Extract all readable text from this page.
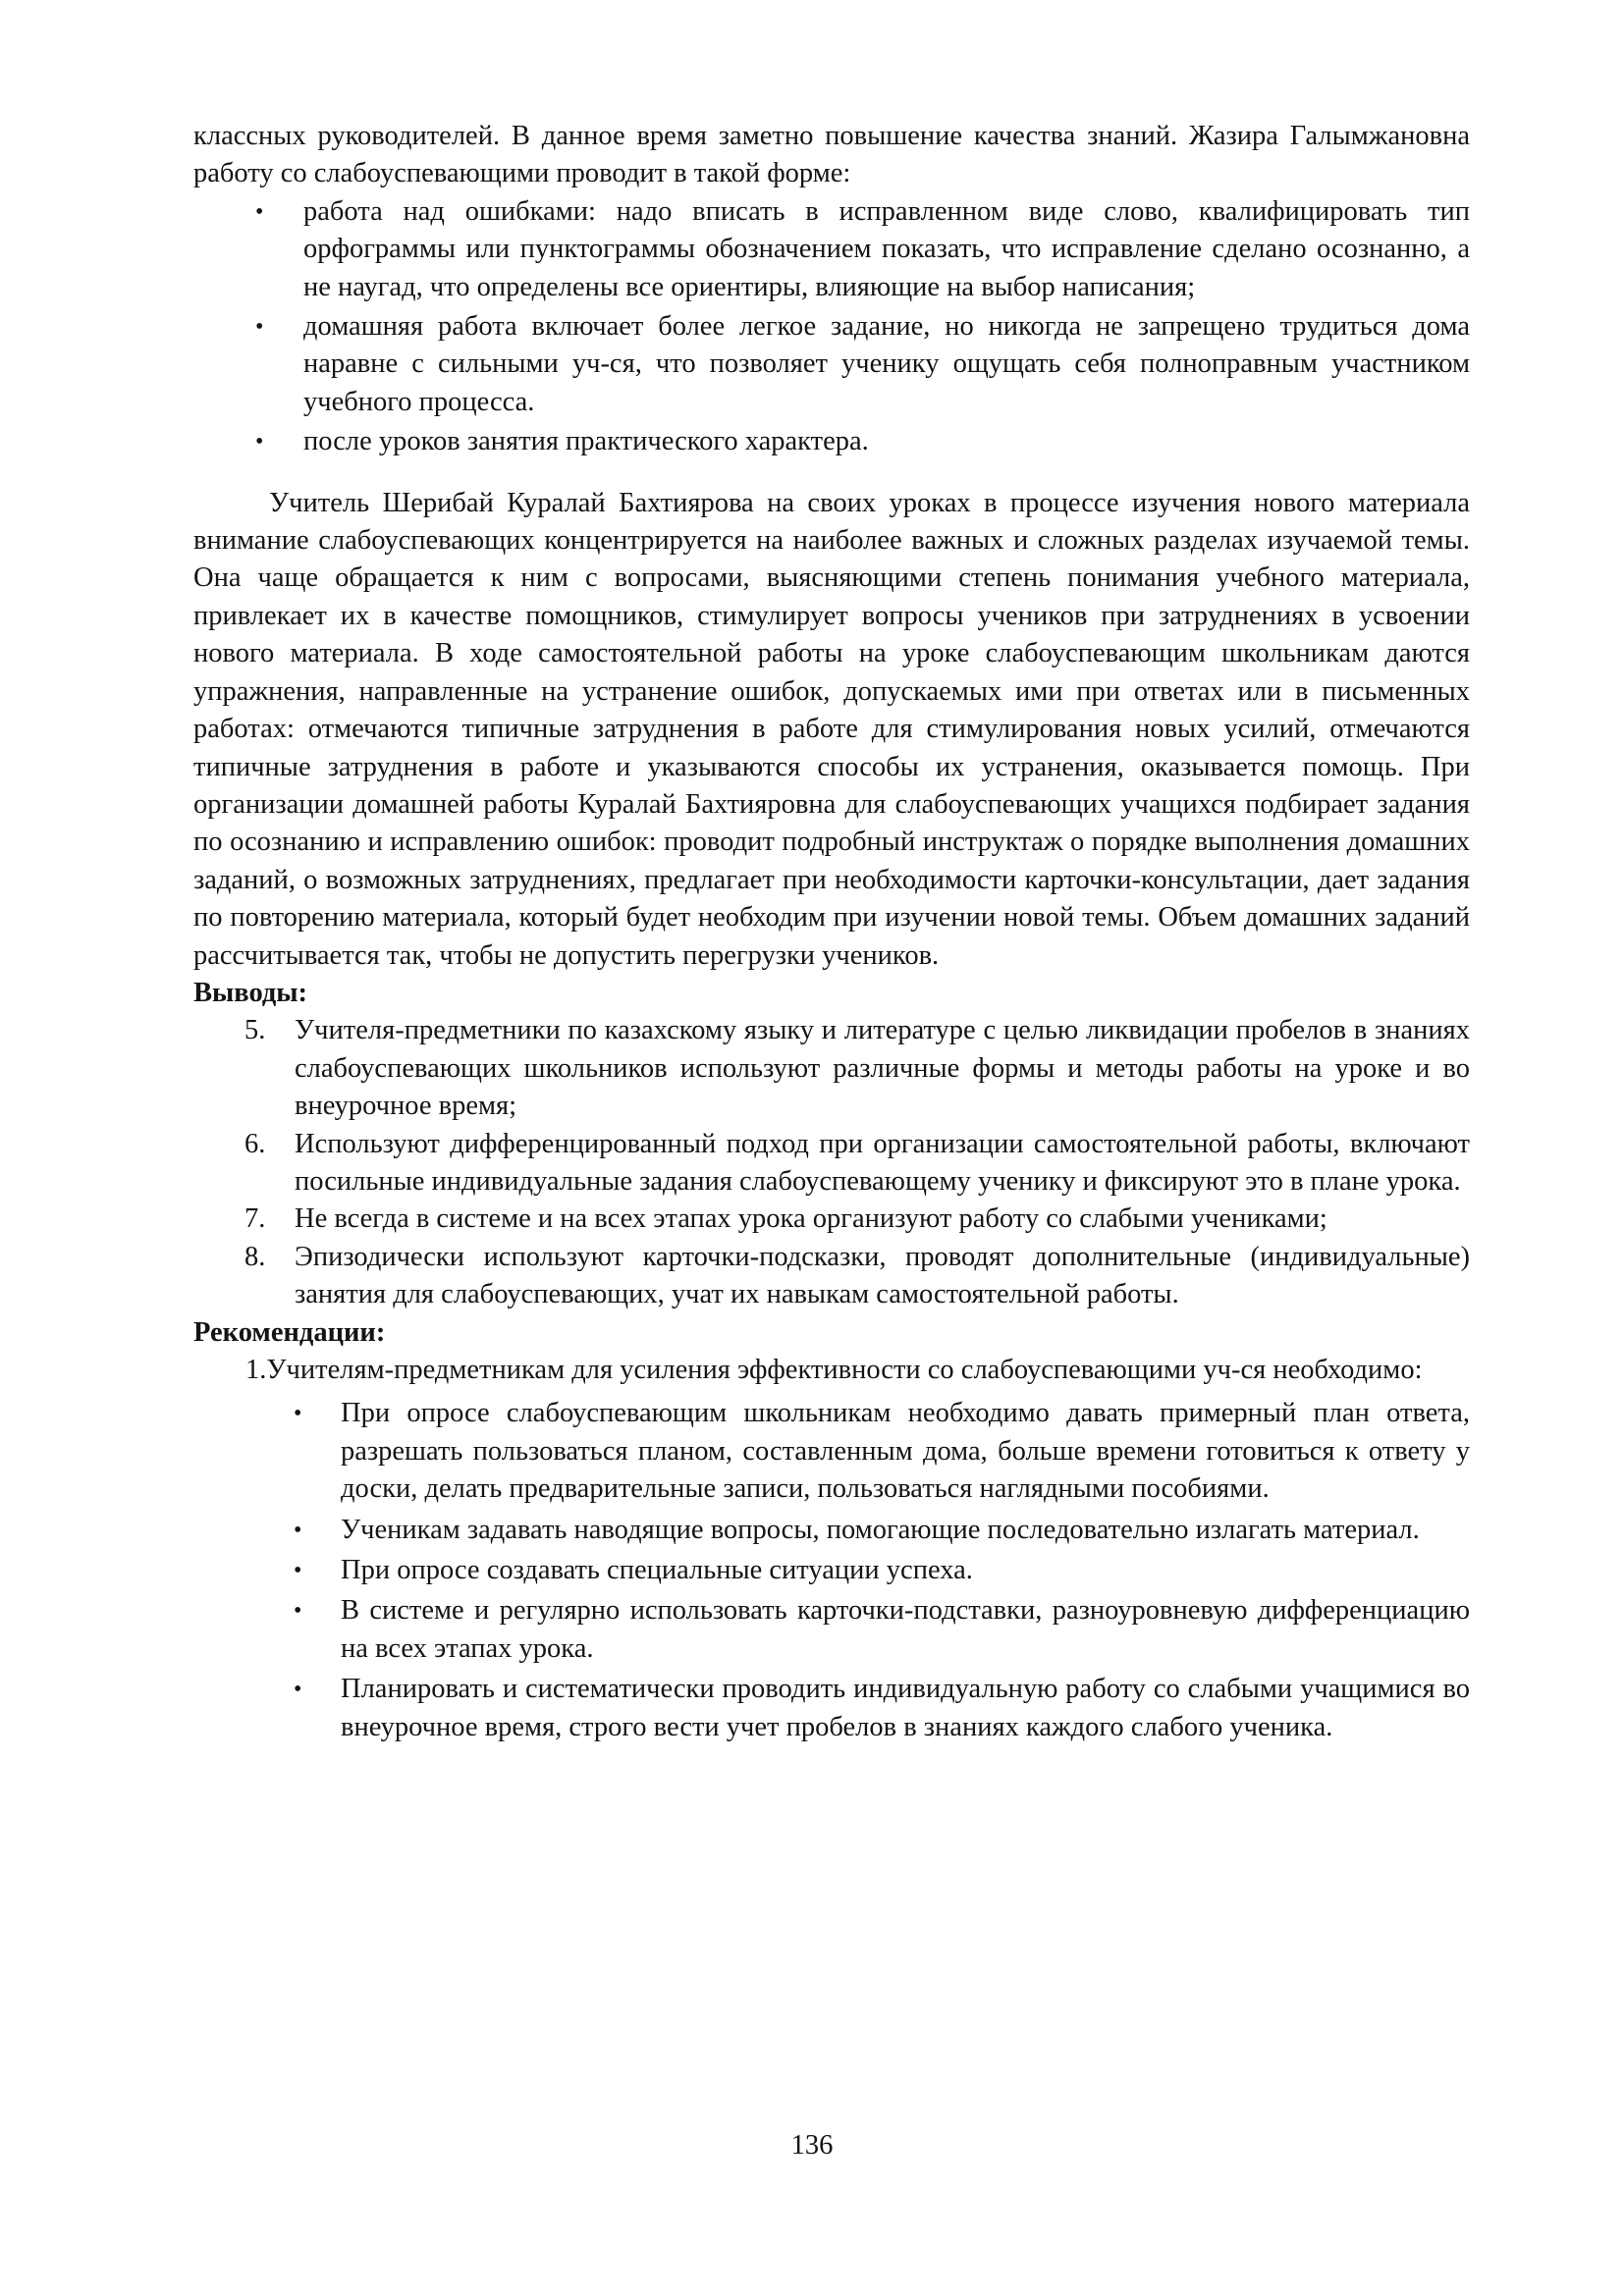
классных руководителей. В данное время заметно повышение качества знаний. Жазира Галымжановна работу со слабоуспевающими проводит в такой форме:

• работа над ошибками: надо вписать в исправленном виде слово, квалифицировать тип орфограммы или пунктограммы обозначением показать, что исправление сделано осознанно, а не наугад, что определены все ориентиры, влияющие на выбор написания;
• домашняя работа включает более легкое задание, но никогда не запрещено трудиться дома наравне с сильными уч-ся, что позволяет ученику ощущать себя полноправным участником учебного процесса.
• после уроков занятия практического характера.

Учитель Шерибай Куралай Бахтиярова на своих уроках в процессе изучения нового материала внимание слабоуспевающих концентрируется на наиболее важных и сложных разделах изучаемой темы. Она чаще обращается к ним с вопросами, выясняющими степень понимания учебного материала, привлекает их в качестве помощников, стимулирует вопросы учеников при затруднениях в усвоении нового материала. В ходе самостоятельной работы на уроке слабоуспевающим школьникам даются упражнения, направленные на устранение ошибок, допускаемых ими при ответах или в письменных работах: отмечаются типичные затруднения в работе для стимулирования новых усилий, отмечаются типичные затруднения в работе и указываются способы их устранения, оказывается помощь. При организации домашней работы Куралай Бахтияровна для слабоуспевающих учащихся подбирает задания по осознанию и исправлению ошибок: проводит подробный инструктаж о порядке выполнения домашних заданий, о возможных затруднениях, предлагает при необходимости карточки-консультации, дает задания по повторению материала, который будет необходим при изучении новой темы. Объем домашних заданий рассчитывается так, чтобы не допустить перегрузки учеников.

Выводы:
5. Учителя-предметники по казахскому языку и литературе с целью ликвидации пробелов в знаниях слабоуспевающих школьников используют различные формы и методы работы на уроке и во внеурочное время;
6. Используют дифференцированный подход при организации самостоятельной работы, включают посильные индивидуальные задания слабоуспевающему ученику и фиксируют это в плане урока.
7. Не всегда в системе и на всех этапах урока организуют работу со слабыми учениками;
8. Эпизодически используют карточки-подсказки, проводят дополнительные (индивидуальные) занятия для слабоуспевающих, учат их навыкам самостоятельной работы.
Рекомендации:

1.Учителям-предметникам для усиления эффективности со слабоуспевающими уч-ся необходимо:

• При опросе слабоуспевающим школьникам необходимо давать примерный план ответа, разрешать пользоваться планом, составленным дома, больше времени готовиться к ответу у доски, делать предварительные записи, пользоваться наглядными пособиями.
• Ученикам задавать наводящие вопросы, помогающие последовательно излагать материал.
• При опросе создавать специальные ситуации успеха.
• В системе и регулярно использовать карточки-подставки, разноуровневую дифференциацию на всех этапах урока.
• Планировать и систематически проводить индивидуальную работу со слабыми учащимися во внеурочное время, строго вести учет пробелов в знаниях каждого слабого ученика.
136
